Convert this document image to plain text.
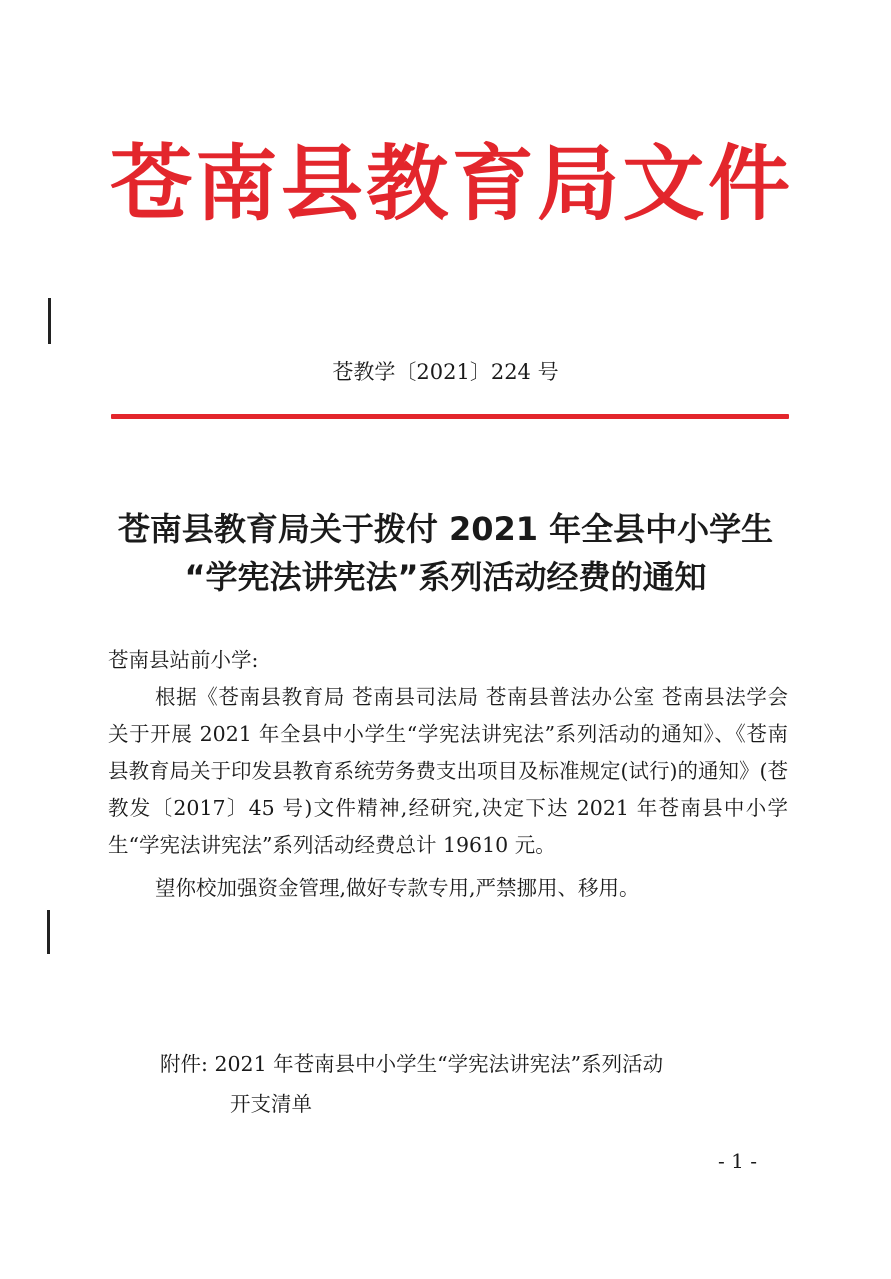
苍 南 县 教 育 局 文 件
苍教学〔2021〕224 号
苍南县教育局关于拨付 2021 年全县中小学生
“学宪法讲宪法”系列活动经费的通知
苍南县站前小学:
根据《苍南县教育局 苍南县司法局 苍南县普法办公室 苍南县法学会关于开展 2021 年全县中小学生“学宪法讲宪法”系列活动的通知》、《苍南县教育局关于印发县教育系统劳务费支出项目及标准规定(试行)的通知》(苍教发〔2017〕45 号)文件精神,经研究,决定下达 2021 年苍南县中小学生“学宪法讲宪法”系列活动经费总计 19610 元。
望你校加强资金管理,做好专款专用,严禁挪用、移用。
附件: 2021 年苍南县中小学生“学宪法讲宪法”系列活动
开支清单
- 1 -
